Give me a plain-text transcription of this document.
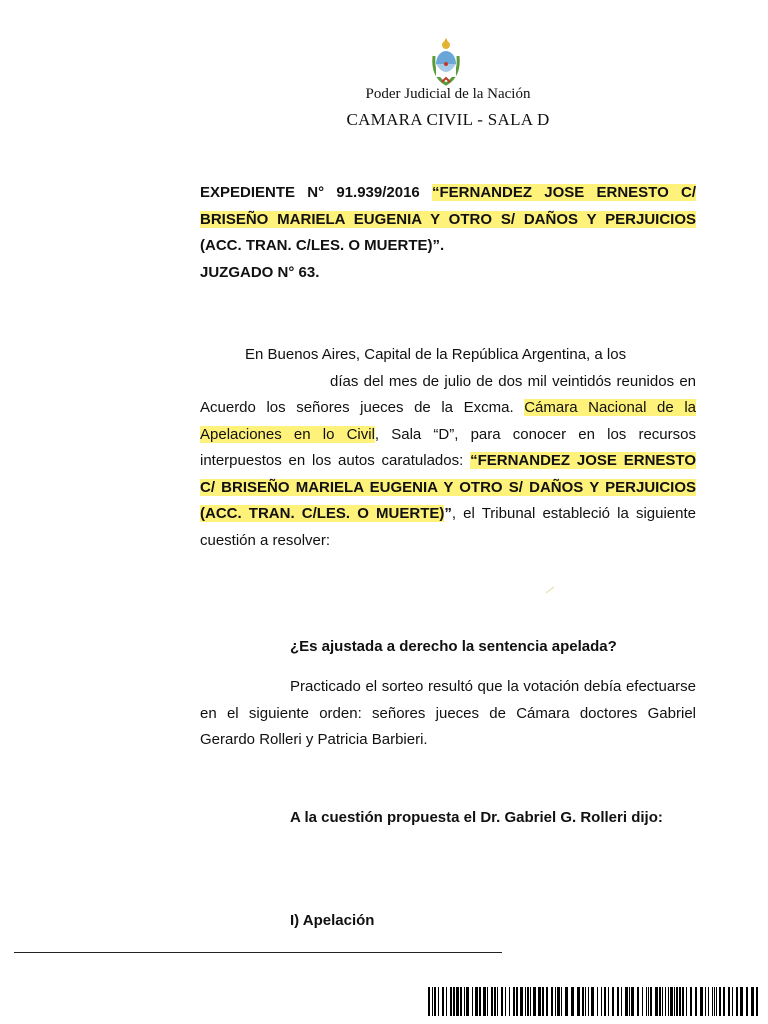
Poder Judicial de la Nación
CAMARA CIVIL - SALA D
EXPEDIENTE N° 91.939/2016 “FERNANDEZ JOSE ERNESTO C/ BRISEÑO MARIELA EUGENIA Y OTRO S/ DAÑOS Y PERJUICIOS (ACC. TRAN. C/LES. O MUERTE)”.
JUZGADO N° 63.
En Buenos Aires, Capital de la República Argentina, a los
días del mes de julio de dos mil veintidós reunidos en Acuerdo los señores jueces de la Excma. Cámara Nacional de la Apelaciones en lo Civil, Sala “D”, para conocer en los recursos interpuestos en los autos caratulados: “FERNANDEZ JOSE ERNESTO C/ BRISEÑO MARIELA EUGENIA Y OTRO S/ DAÑOS Y PERJUICIOS (ACC. TRAN. C/LES. O MUERTE)”, el Tribunal estableció la siguiente cuestión a resolver:
¿Es ajustada a derecho la sentencia apelada?
Practicado el sorteo resultó que la votación debía efectuarse en el siguiente orden: señores jueces de Cámara doctores Gabriel Gerardo Rolleri y Patricia Barbieri.
A la cuestión propuesta el Dr. Gabriel G. Rolleri dijo:
I) Apelación
